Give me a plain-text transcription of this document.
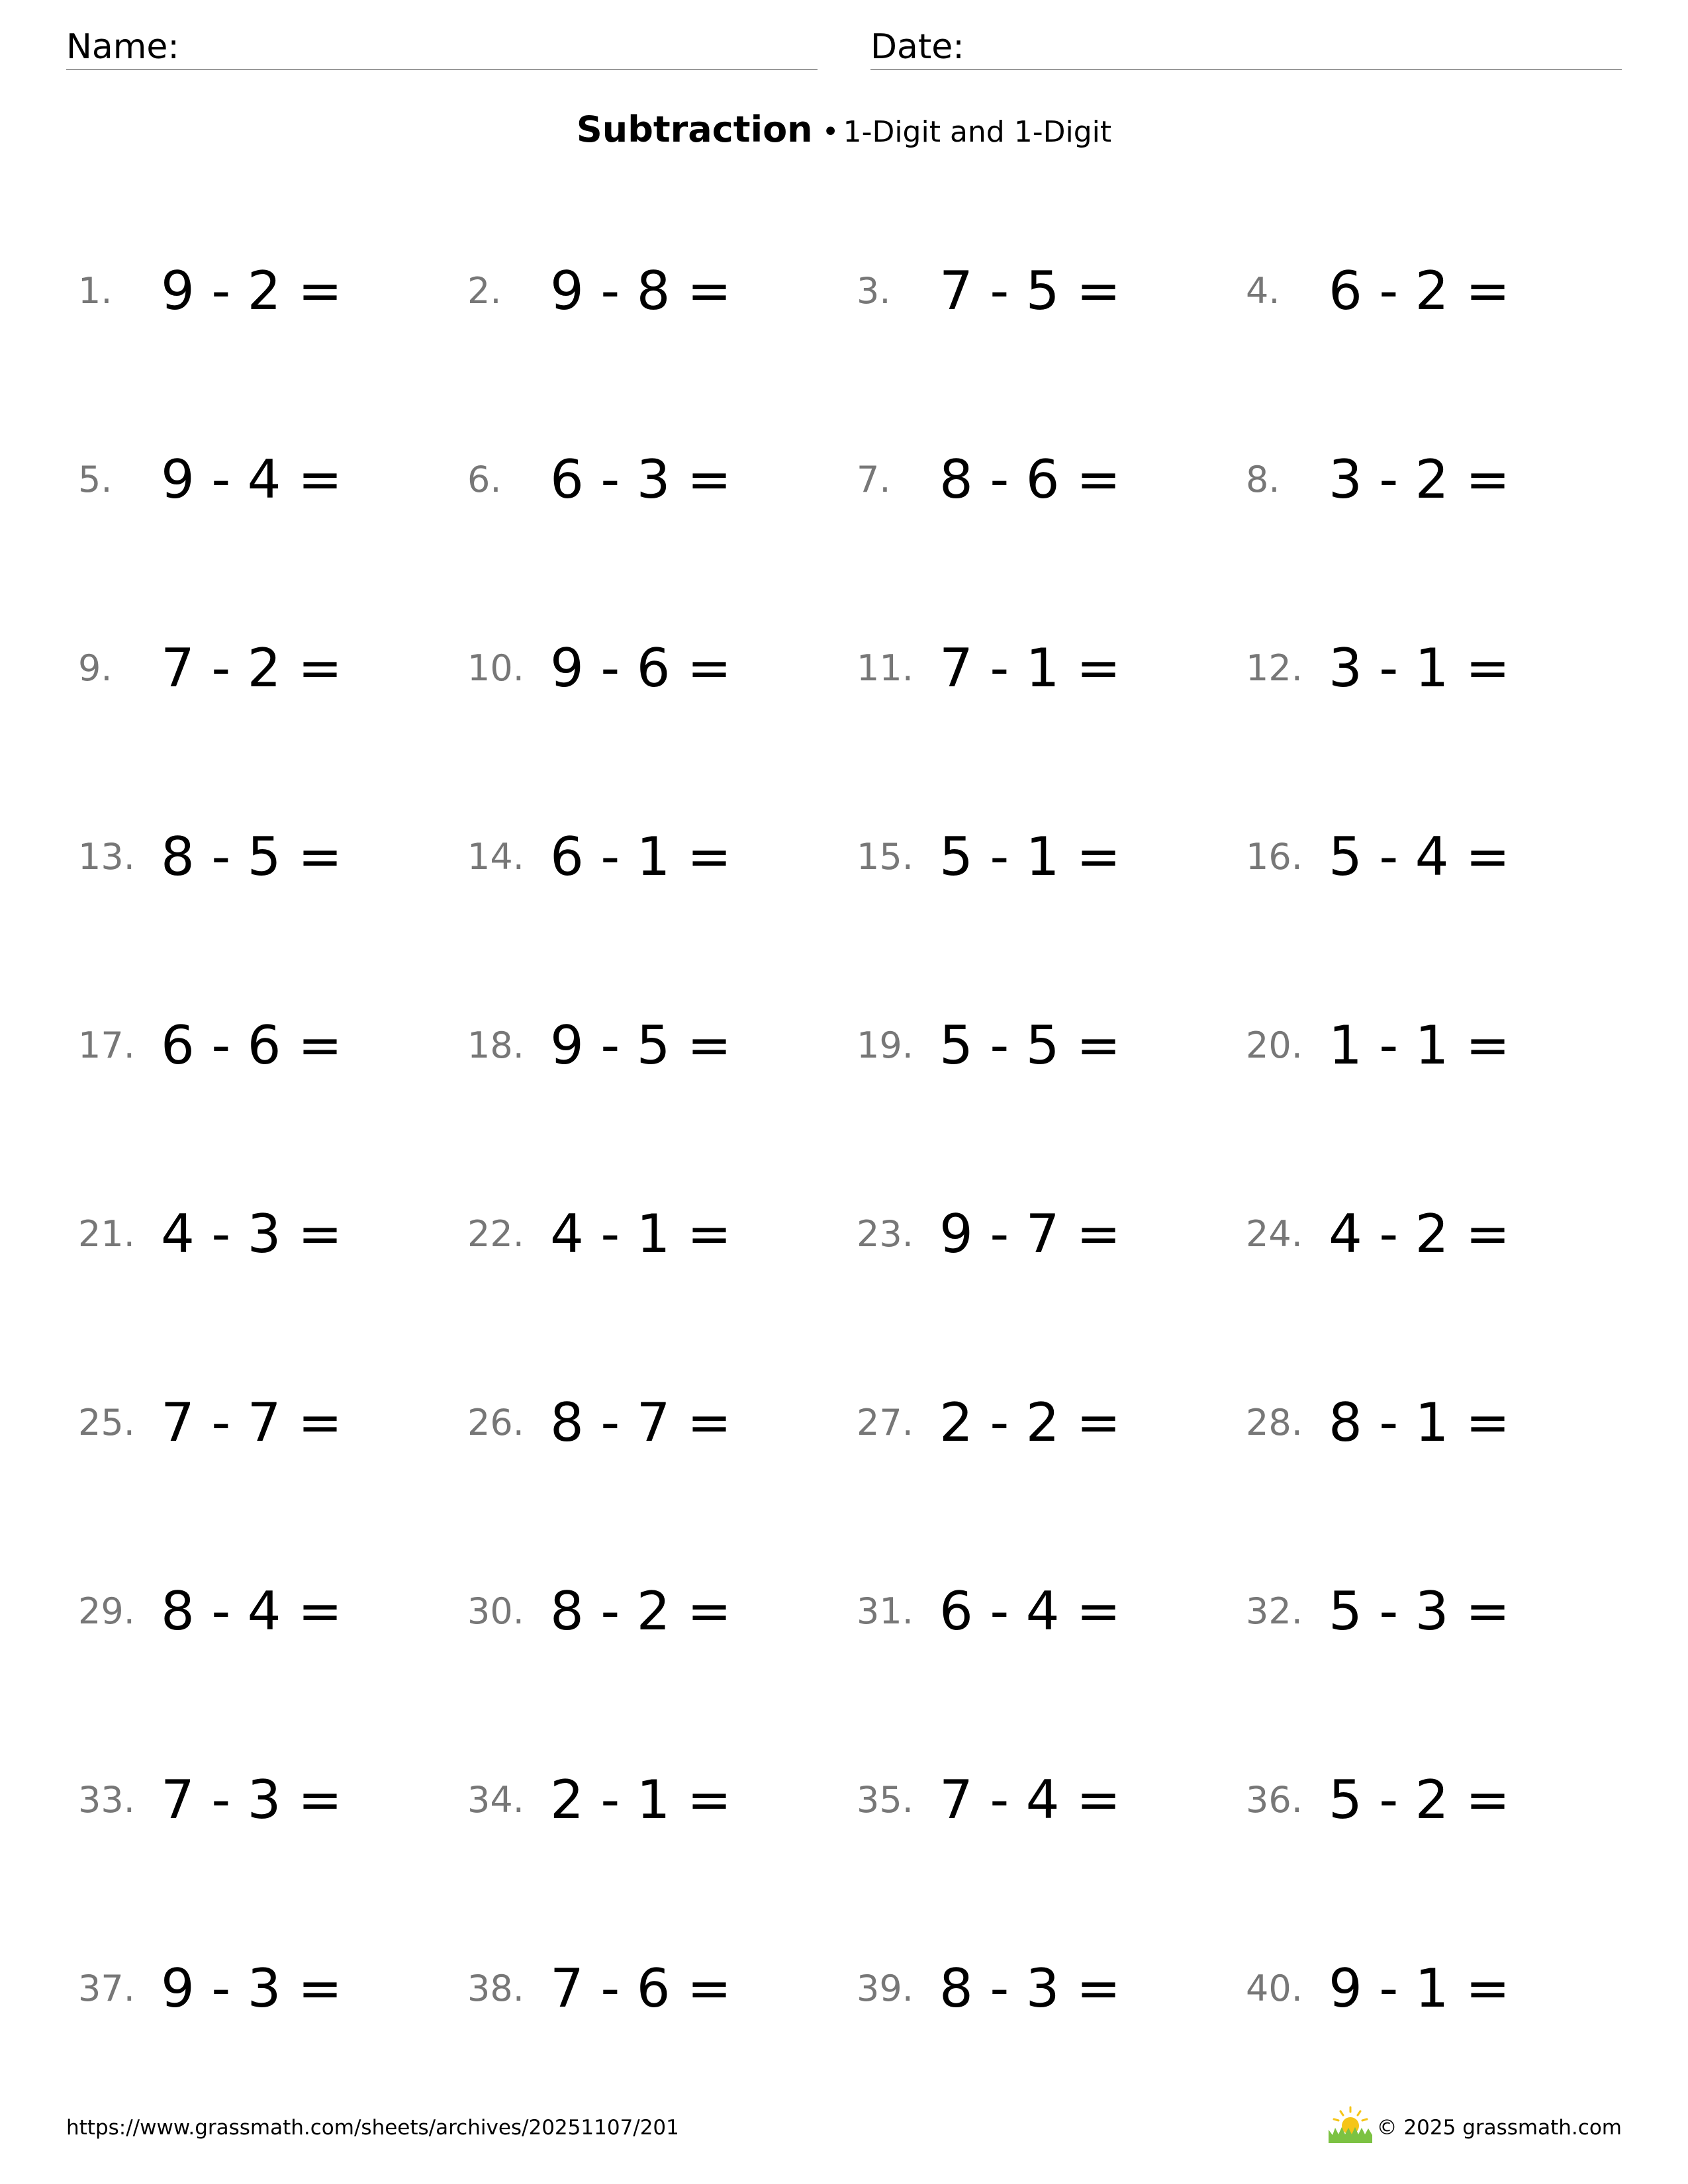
Name:	Date:
Subtraction • 1-Digit and 1-Digit
1. 9 - 2 =	2. 9 - 8 =	3. 7 - 5 =	4. 6 - 2 =
5. 9 - 4 =	6. 6 - 3 =	7. 8 - 6 =	8. 3 - 2 =
9. 7 - 2 =	10. 9 - 6 =	11. 7 - 1 =	12. 3 - 1 =
13. 8 - 5 =	14. 6 - 1 =	15. 5 - 1 =	16. 5 - 4 =
17. 6 - 6 =	18. 9 - 5 =	19. 5 - 5 =	20. 1 - 1 =
21. 4 - 3 =	22. 4 - 1 =	23. 9 - 7 =	24. 4 - 2 =
25. 7 - 7 =	26. 8 - 7 =	27. 2 - 2 =	28. 8 - 1 =
29. 8 - 4 =	30. 8 - 2 =	31. 6 - 4 =	32. 5 - 3 =
33. 7 - 3 =	34. 2 - 1 =	35. 7 - 4 =	36. 5 - 2 =
37. 9 - 3 =	38. 7 - 6 =	39. 8 - 3 =	40. 9 - 1 =
https://www.grassmath.com/sheets/archives/20251107/201	© 2025 grassmath.com
